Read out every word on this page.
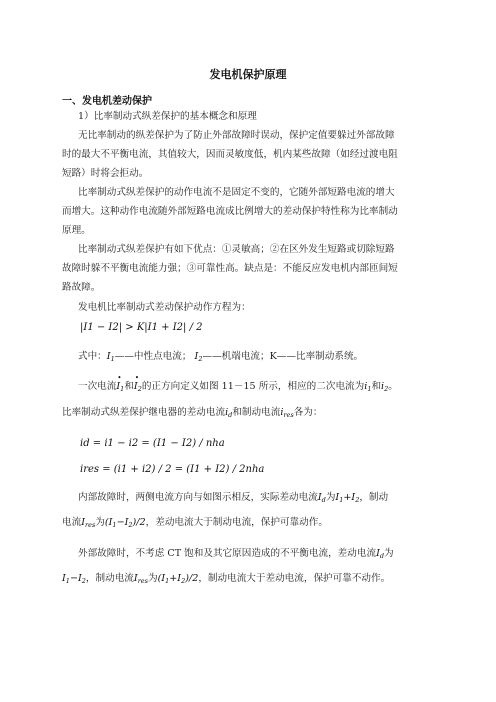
发电机保护原理
一、发电机差动保护
1）比率制动式纵差保护的基本概念和原理
无比率制动的纵差保护为了防止外部故障时误动，保护定值要躲过外部故障
时的最大不平衡电流，其值较大，因而灵敏度低，机内某些故障（如经过渡电阻
短路）时将会拒动。
比率制动式纵差保护的动作电流不是固定不变的，它随外部短路电流的增大
而增大。这种动作电流随外部短路电流成比例增大的差动保护特性称为比率制动
原理。
比率制动式纵差保护有如下优点：①灵敏高；②在区外发生短路或切除短路
故障时躲不平衡电流能力强；③可靠性高。缺点是：不能反应发电机内部匝间短
路故障。
发电机比率制动式差动保护动作方程为：
|I1 − I2| > K|I1 + I2| / 2
式中：$I_1——$中性点电流； $I_2——$机端电流；K——比率制动系统。
一次电流• $I_1$和• $I_2$的正方向定义如图 11－15 所示，相应的二次电流为$i_1$和$i_2$。
比率制动式纵差保护继电器的差动电流$i_d$和制动电流$i_{res}$各为：
id = i1 − i2 = (I1 − I2) / nha
ires = (i1 + i2) / 2 = (I1 + I2) / 2nha
内部故障时，两侧电流方向与如图示相反，实际差动电流$I_d$为$I_1+I_2$，制动
电流$I_{res}$为$(I_1-I_2)/2$，差动电流大于制动电流，保护可靠动作。
外部故障时，不考虑 CT 饱和及其它原因造成的不平衡电流，差动电流$I_d$为
$I_1-I_2$，制动电流$I_{res}$为$(I_1+I_2)/2$，制动电流大于差动电流，保护可靠不动作。
